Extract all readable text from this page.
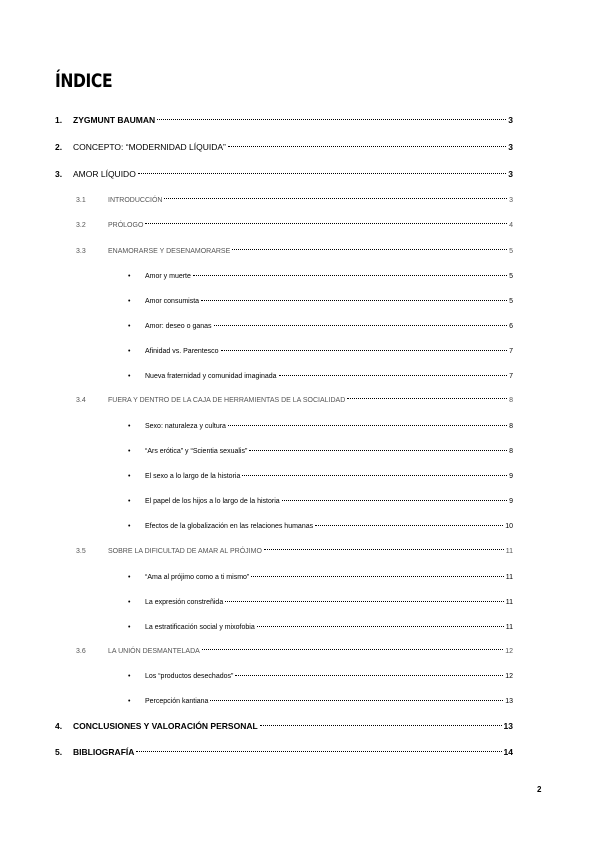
ÍNDICE
1.	ZYGMUNT BAUMAN	3
2.	CONCEPTO: “MODERNIDAD LÍQUIDA”	3
3.	AMOR LÍQUIDO	3
3.1	INTRODUCCIÓN	3
3.2	PRÓLOGO	4
3.3	ENAMORARSE Y DESENAMORARSE	5
•	Amor y muerte	5
•	Amor consumista	5
•	Amor: deseo o ganas	6
•	Afinidad vs. Parentesco	7
•	Nueva fraternidad y comunidad imaginada	7
3.4	FUERA Y DENTRO DE LA CAJA DE HERRAMIENTAS DE LA SOCIALIDAD	8
•	Sexo: naturaleza y cultura	8
•	“Ars erótica” y “Scientia sexualis”	8
•	El sexo a lo largo de la historia	9
•	El papel de los hijos a lo largo de la historia	9
•	Efectos de la globalización en las relaciones humanas	10
3.5	SOBRE LA DIFICULTAD DE AMAR AL PRÓJIMO	11
•	“Ama al prójimo como a ti mismo”	11
•	La expresión constreñida	11
•	La estratificación social y mixofobia	11
3.6	LA UNIÓN DESMANTELADA	12
•	Los “productos desechados”	12
•	Percepción kantiana	13
4.	CONCLUSIONES Y VALORACIÓN PERSONAL	13
5.	BIBLIOGRAFÍA	14
2
